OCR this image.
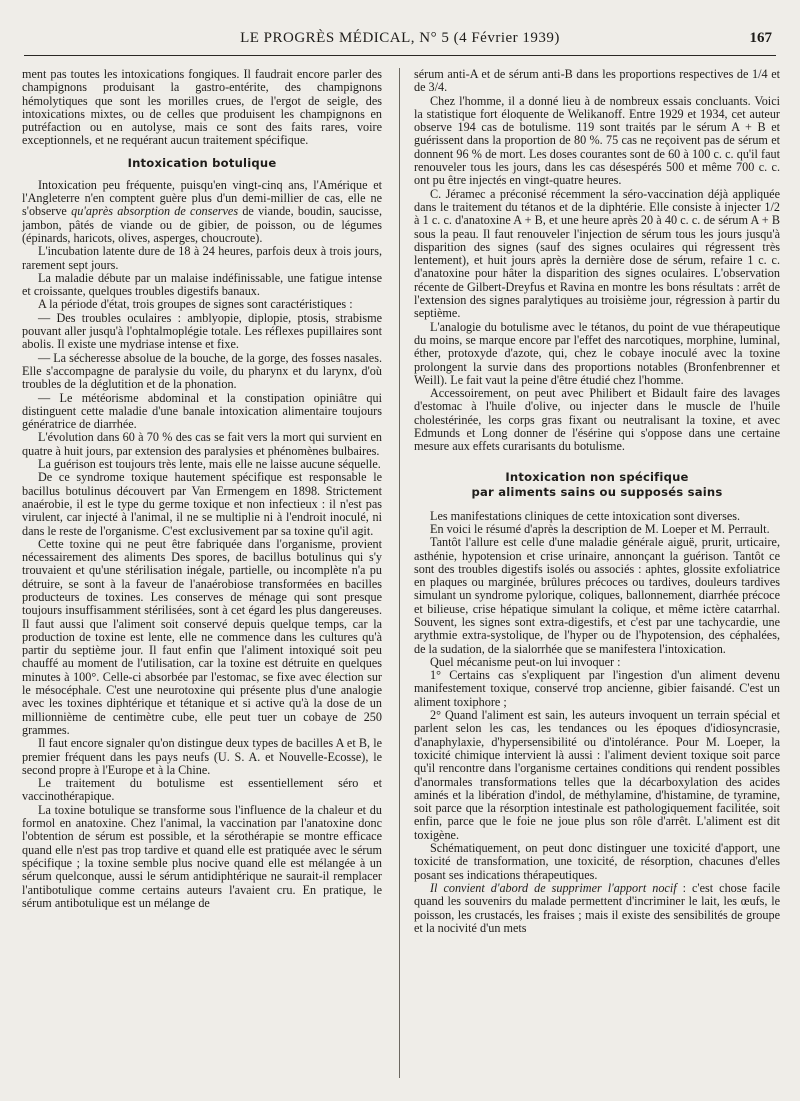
LE PROGRÈS MÉDICAL, N° 5 (4 Février 1939)	167

ment pas toutes les intoxications fongiques. Il faudrait encore parler des champignons produisant la gastro-entérite, des champignons hémolytiques que sont les morilles crues, de l'ergot de seigle, des intoxications mixtes, ou de celles que produisent les champignons en putréfaction ou en autolyse, mais ce sont des faits rares, voire exceptionnels, et ne requérant aucun traitement spécifique.

Intoxication botulique

Intoxication peu fréquente, puisqu'en vingt-cinq ans, l'Amérique et l'Angleterre n'en comptent guère plus d'un demi-millier de cas, elle ne s'observe qu'après absorption de conserves de viande, boudin, saucisse, jambon, pâtés de viande ou de gibier, de poisson, ou de légumes (épinards, haricots, olives, asperges, choucroute).

L'incubation latente dure de 18 à 24 heures, parfois deux à trois jours, rarement sept jours.

La maladie débute par un malaise indéfinissable, une fatigue intense et croissante, quelques troubles digestifs banaux.

A la période d'état, trois groupes de signes sont caractéristiques :

— Des troubles oculaires : amblyopie, diplopie, ptosis, strabisme pouvant aller jusqu'à l'ophtalmoplégie totale. Les réflexes pupillaires sont abolis. Il existe une mydriase intense et fixe.

— La sécheresse absolue de la bouche, de la gorge, des fosses nasales. Elle s'accompagne de paralysie du voile, du pharynx et du larynx, d'où troubles de la déglutition et de la phonation.

— Le météorisme abdominal et la constipation opiniâtre qui distinguent cette maladie d'une banale intoxication alimentaire toujours génératrice de diarrhée.

L'évolution dans 60 à 70 % des cas se fait vers la mort qui survient en quatre à huit jours, par extension des paralysies et phénomènes bulbaires.

La guérison est toujours très lente, mais elle ne laisse aucune séquelle.

De ce syndrome toxique hautement spécifique est responsable le bacillus botulinus découvert par Van Ermengem en 1898. Strictement anaérobie, il est le type du germe toxique et non infectieux : il n'est pas virulent, car injecté à l'animal, il ne se multiplie ni à l'endroit inoculé, ni dans le reste de l'organisme. C'est exclusivement par sa toxine qu'il agit.

Cette toxine qui ne peut être fabriquée dans l'organisme, provient nécessairement des aliments Des spores, de bacillus botulinus qui s'y trouvaient et qu'une stérilisation inégale, partielle, ou incomplète n'a pu détruire, se sont à la faveur de l'anaérobiose transformées en bacilles producteurs de toxines. Les conserves de ménage qui sont presque toujours insuffisamment stérilisées, sont à cet égard les plus dangereuses. Il faut aussi que l'aliment soit conservé depuis quelque temps, car la production de toxine est lente, elle ne commence dans les cultures qu'à partir du septième jour. Il faut enfin que l'aliment intoxiqué soit peu chauffé au moment de l'utilisation, car la toxine est détruite en quelques minutes à 100°. Celle-ci absorbée par l'estomac, se fixe avec élection sur le mésocéphale. C'est une neurotoxine qui présente plus d'une analogie avec les toxines diphtérique et tétanique et si active qu'à la dose de un millionnième de centimètre cube, elle peut tuer un cobaye de 250 grammes.

Il faut encore signaler qu'on distingue deux types de bacilles A et B, le premier fréquent dans les pays neufs (U. S. A. et Nouvelle-Ecosse), le second propre à l'Europe et à la Chine.

Le traitement du botulisme est essentiellement séro et vaccinothérapique.

La toxine botulique se transforme sous l'influence de la chaleur et du formol en anatoxine. Chez l'animal, la vaccination par l'anatoxine donc l'obtention de sérum est possible, et la sérothérapie se montre efficace quand elle n'est pas trop tardive et quand elle est pratiquée avec le sérum spécifique ; la toxine semble plus nocive quand elle est mélangée à un sérum quelconque, aussi le sérum antidiphtérique ne saurait-il remplacer l'antibotulique comme certains auteurs l'avaient cru. En pratique, le sérum antibotulique est un mélange de

sérum anti-A et de sérum anti-B dans les proportions respectives de 1/4 et de 3/4.

Chez l'homme, il a donné lieu à de nombreux essais concluants. Voici la statistique fort éloquente de Welikanoff. Entre 1929 et 1934, cet auteur observe 194 cas de botulisme. 119 sont traités par le sérum A + B et guérissent dans la proportion de 80 %. 75 cas ne reçoivent pas de sérum et donnent 96 % de mort. Les doses courantes sont de 60 à 100 c. c. qu'il faut renouveler tous les jours, dans les cas désespérés 500 et même 700 c. c. ont pu être injectés en vingt-quatre heures.

C. Jéramec a préconisé récemment la séro-vaccination déjà appliquée dans le traitement du tétanos et de la diphtérie. Elle consiste à injecter 1/2 à 1 c. c. d'anatoxine A + B, et une heure après 20 à 40 c. c. de sérum A + B sous la peau. Il faut renouveler l'injection de sérum tous les jours jusqu'à disparition des signes (sauf des signes oculaires qui régressent très lentement), et huit jours après la dernière dose de sérum, refaire 1 c. c. d'anatoxine pour hâter la disparition des signes oculaires. L'observation récente de Gilbert-Dreyfus et Ravina en montre les bons résultats : arrêt de l'extension des signes paralytiques au troisième jour, régression à partir du septième.

L'analogie du botulisme avec le tétanos, du point de vue thérapeutique du moins, se marque encore par l'effet des narcotiques, morphine, luminal, éther, protoxyde d'azote, qui, chez le cobaye inoculé avec la toxine prolongent la survie dans des proportions notables (Bronfenbrenner et Weill). Le fait vaut la peine d'être étudié chez l'homme.

Accessoirement, on peut avec Philibert et Bidault faire des lavages d'estomac à l'huile d'olive, ou injecter dans le muscle de l'huile cholestérinée, les corps gras fixant ou neutralisant la toxine, et avec Edmunds et Long donner de l'ésérine qui s'oppose dans une certaine mesure aux effets curarisants du botulisme.

Intoxication non spécifique
par aliments sains ou supposés sains

Les manifestations cliniques de cette intoxication sont diverses.

En voici le résumé d'après la description de M. Loeper et M. Perrault.

Tantôt l'allure est celle d'une maladie générale aiguë, prurit, urticaire, asthénie, hypotension et crise urinaire, annonçant la guérison. Tantôt ce sont des troubles digestifs isolés ou associés : aphtes, glossite exfoliatrice en plaques ou marginée, brûlures précoces ou tardives, douleurs tardives simulant un syndrome pylorique, coliques, ballonnement, diarrhée précoce et bilieuse, crise hépatique simulant la colique, et même ictère catarrhal. Souvent, les signes sont extra-digestifs, et c'est par une tachycardie, une arythmie extra-systolique, de l'hyper ou de l'hypotension, des céphalées, de la sudation, de la sialorrhée que se manifestera l'intoxication.

Quel mécanisme peut-on lui invoquer :

1° Certains cas s'expliquent par l'ingestion d'un aliment devenu manifestement toxique, conservé trop ancienne, gibier faisandé. C'est un aliment toxiphore ;

2° Quand l'aliment est sain, les auteurs invoquent un terrain spécial et parlent selon les cas, les tendances ou les époques d'idiosyncrasie, d'anaphylaxie, d'hypersensibilité ou d'intolérance. Pour M. Loeper, la toxicité chimique intervient là aussi : l'aliment devient toxique soit parce qu'il rencontre dans l'organisme certaines conditions qui rendent possibles d'anormales transformations telles que la décarboxylation des acides aminés et la libération d'indol, de méthylamine, d'histamine, de tyramine, soit parce que la résorption intestinale est pathologiquement facilitée, soit enfin, parce que le foie ne joue plus son rôle d'arrêt. L'aliment est dit toxigène.

Schématiquement, on peut donc distinguer une toxicité d'apport, une toxicité de transformation, une toxicité, de résorption, chacunes d'elles posant ses indications thérapeutiques.

Il convient d'abord de supprimer l'apport nocif : c'est chose facile quand les souvenirs du malade permettent d'incriminer le lait, les œufs, le poisson, les crustacés, les fraises ; mais il existe des sensibilités de groupe et la nocivité d'un mets
